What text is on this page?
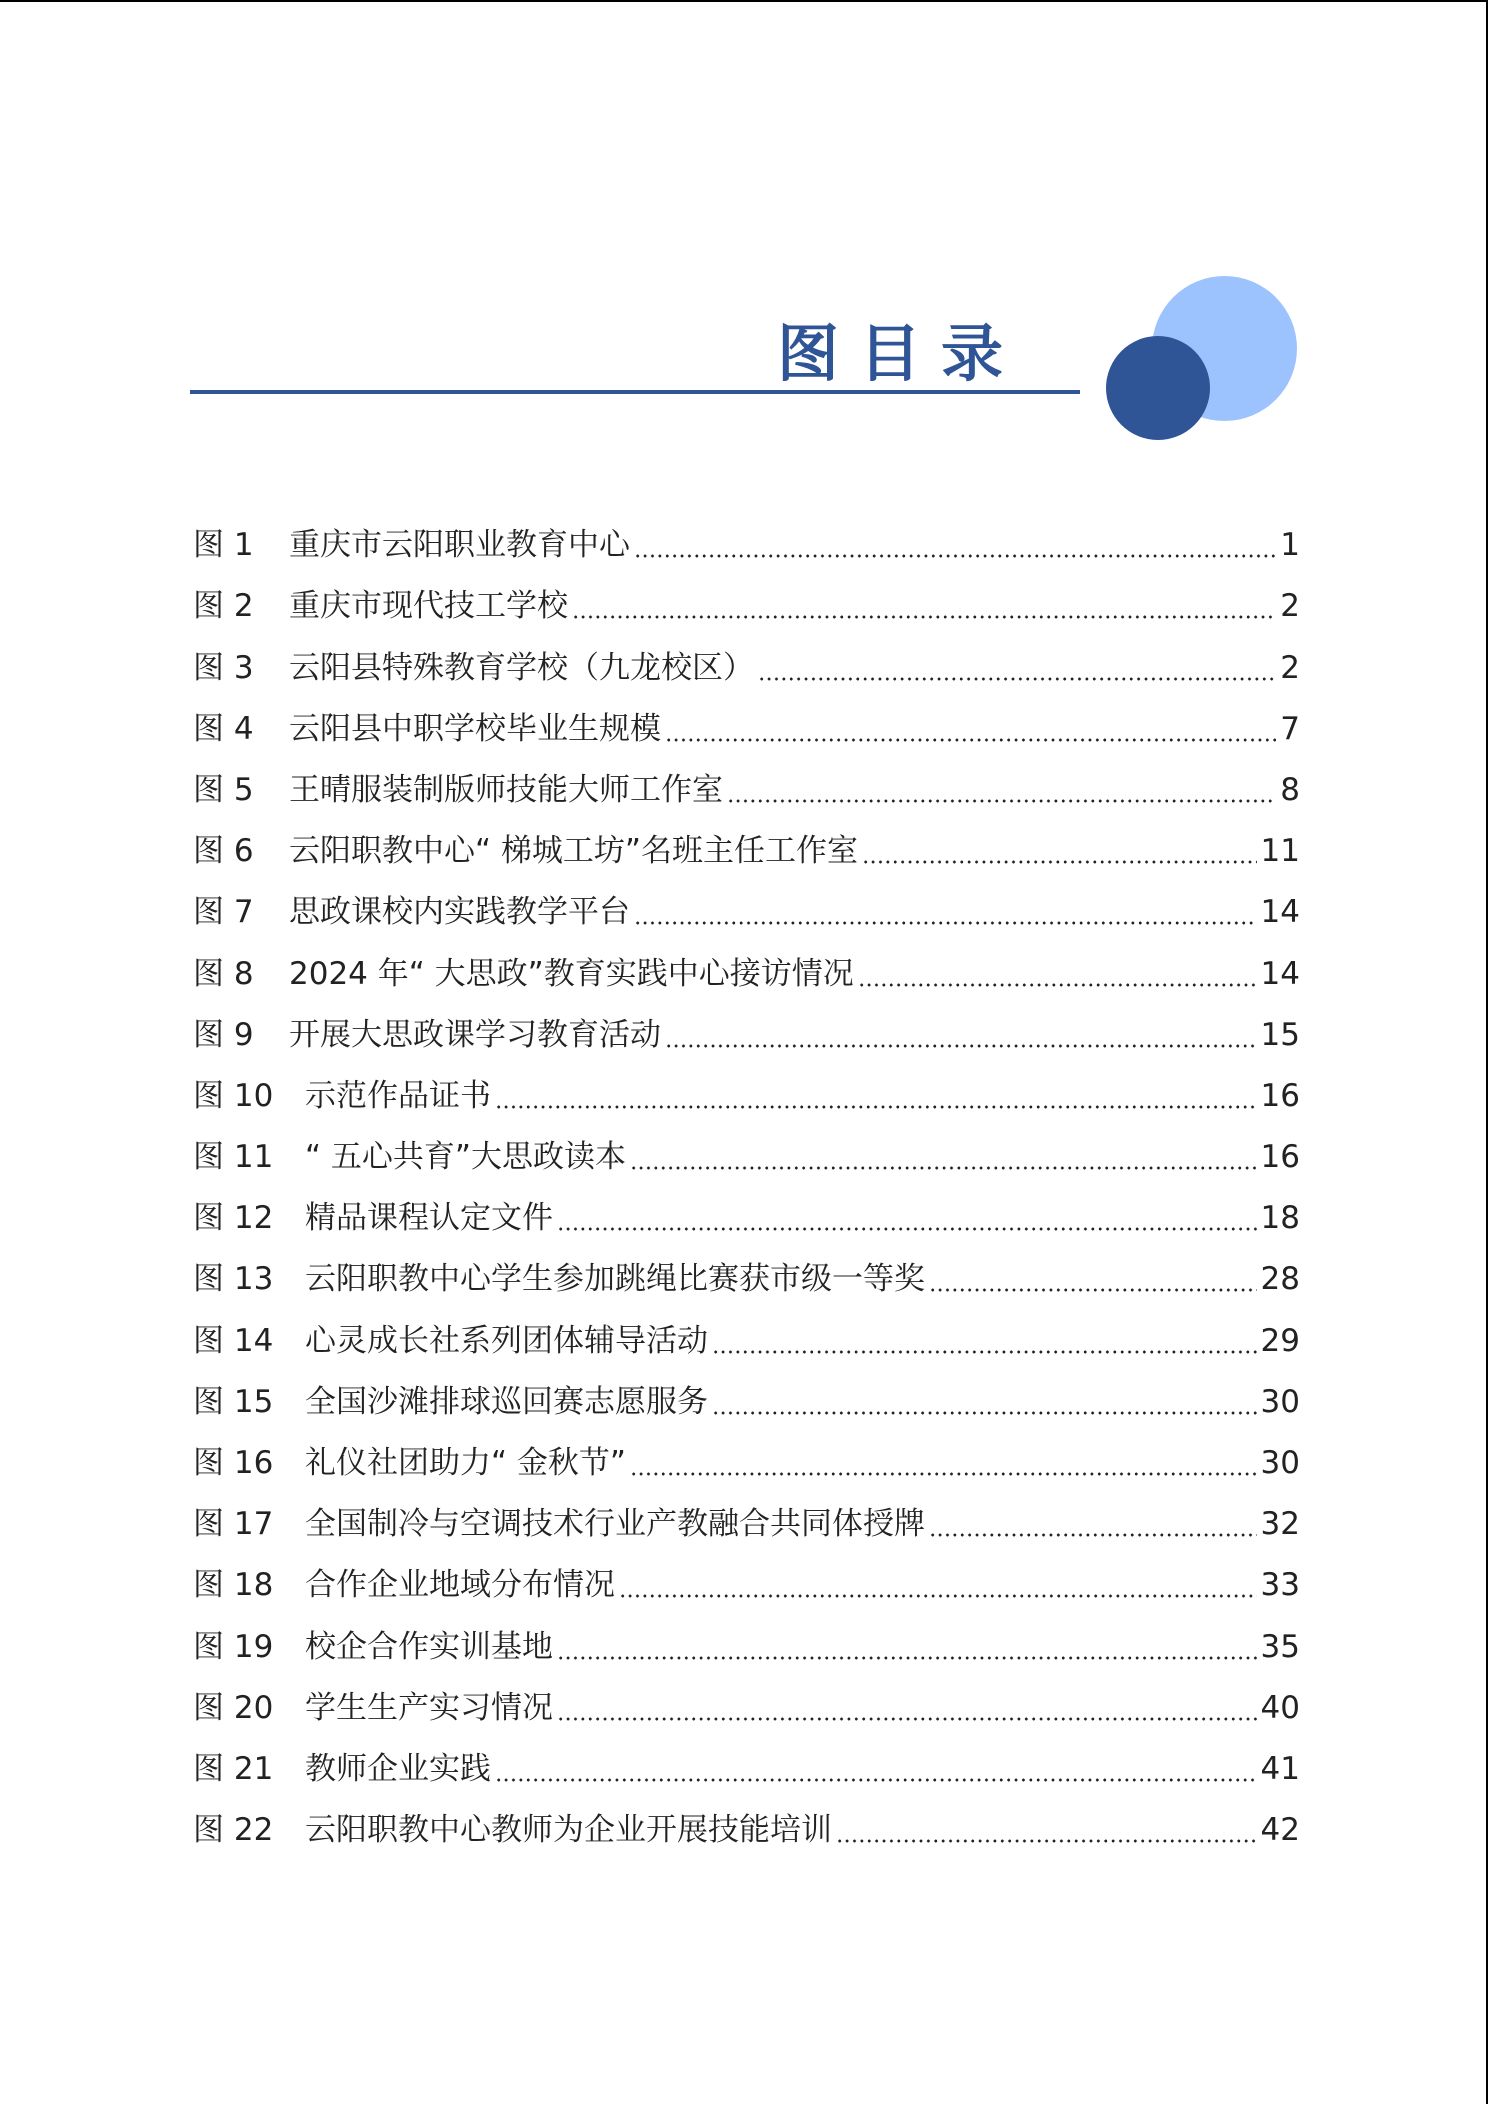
图目录
图 1	重庆市云阳职业教育中心	1
图 2	重庆市现代技工学校	2
图 3	云阳县特殊教育学校（九龙校区）	2
图 4	云阳县中职学校毕业生规模	7
图 5	王晴服装制版师技能大师工作室	8
图 6	云阳职教中心“ 梯城工坊”名班主任工作室	11
图 7	思政课校内实践教学平台	14
图 8	2024 年“ 大思政”教育实践中心接访情况	14
图 9	开展大思政课学习教育活动	15
图 10	示范作品证书	16
图 11	“ 五心共育”大思政读本	16
图 12	精品课程认定文件	18
图 13	云阳职教中心学生参加跳绳比赛获市级一等奖	28
图 14	心灵成长社系列团体辅导活动	29
图 15	全国沙滩排球巡回赛志愿服务	30
图 16	礼仪社团助力“ 金秋节”	30
图 17	全国制冷与空调技术行业产教融合共同体授牌	32
图 18	合作企业地域分布情况	33
图 19	校企合作实训基地	35
图 20	学生生产实习情况	40
图 21	教师企业实践	41
图 22	云阳职教中心教师为企业开展技能培训	42
